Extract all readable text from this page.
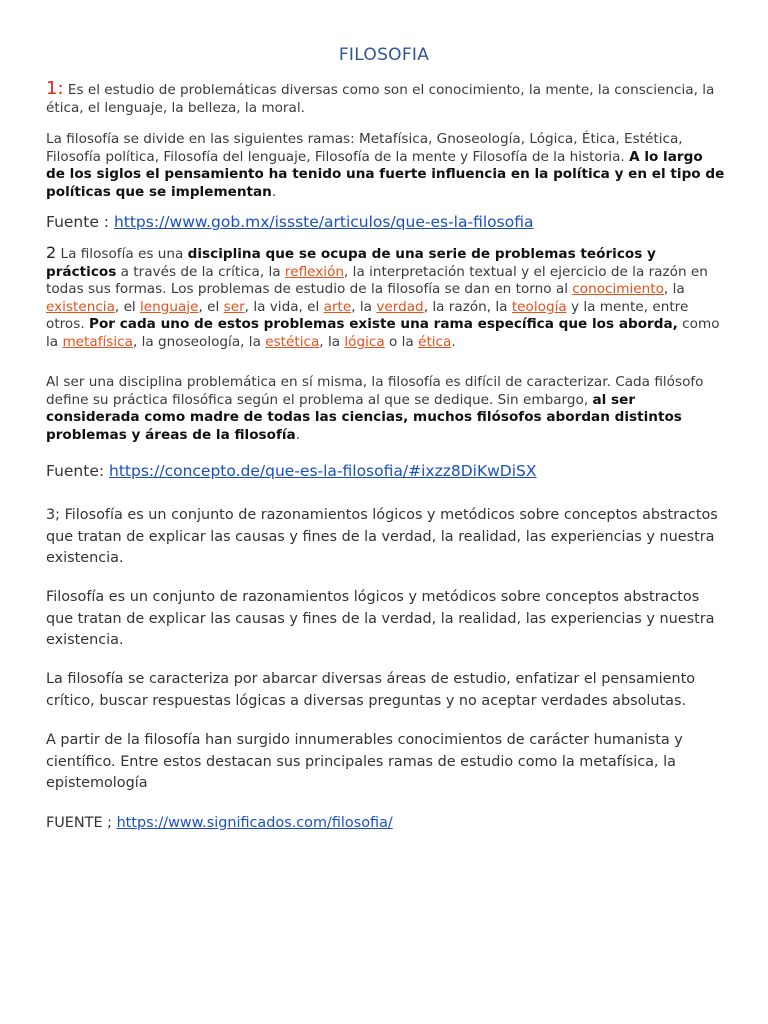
FILOSOFIA
1: Es el estudio de problemáticas diversas como son el conocimiento, la mente, la consciencia, la ética, el lenguaje, la belleza, la moral.
La filosofía se divide en las siguientes ramas: Metafísica, Gnoseología, Lógica, Ética, Estética, Filosofía política, Filosofía del lenguaje, Filosofía de la mente y Filosofía de la historia. A lo largo de los siglos el pensamiento ha tenido una fuerte influencia en la política y en el tipo de políticas que se implementan.
Fuente : https://www.gob.mx/issste/articulos/que-es-la-filosofia
2 La filosofía es una disciplina que se ocupa de una serie de problemas teóricos y prácticos a través de la crítica, la reflexión, la interpretación textual y el ejercicio de la razón en todas sus formas. Los problemas de estudio de la filosofía se dan en torno al conocimiento, la existencia, el lenguaje, el ser, la vida, el arte, la verdad, la razón, la teología y la mente, entre otros. Por cada uno de estos problemas existe una rama específica que los aborda, como la metafísica, la gnoseología, la estética, la lógica o la ética.
Al ser una disciplina problemática en sí misma, la filosofía es difícil de caracterizar. Cada filósofo define su práctica filosófica según el problema al que se dedique. Sin embargo, al ser considerada como madre de todas las ciencias, muchos filósofos abordan distintos problemas y áreas de la filosofía.
Fuente: https://concepto.de/que-es-la-filosofia/#ixzz8DiKwDiSX
3; Filosofía es un conjunto de razonamientos lógicos y metódicos sobre conceptos abstractos que tratan de explicar las causas y fines de la verdad, la realidad, las experiencias y nuestra existencia.
Filosofía es un conjunto de razonamientos lógicos y metódicos sobre conceptos abstractos que tratan de explicar las causas y fines de la verdad, la realidad, las experiencias y nuestra existencia.
La filosofía se caracteriza por abarcar diversas áreas de estudio, enfatizar el pensamiento crítico, buscar respuestas lógicas a diversas preguntas y no aceptar verdades absolutas.
A partir de la filosofía han surgido innumerables conocimientos de carácter humanista y científico. Entre estos destacan sus principales ramas de estudio como la metafísica, la epistemología
FUENTE ; https://www.significados.com/filosofia/
